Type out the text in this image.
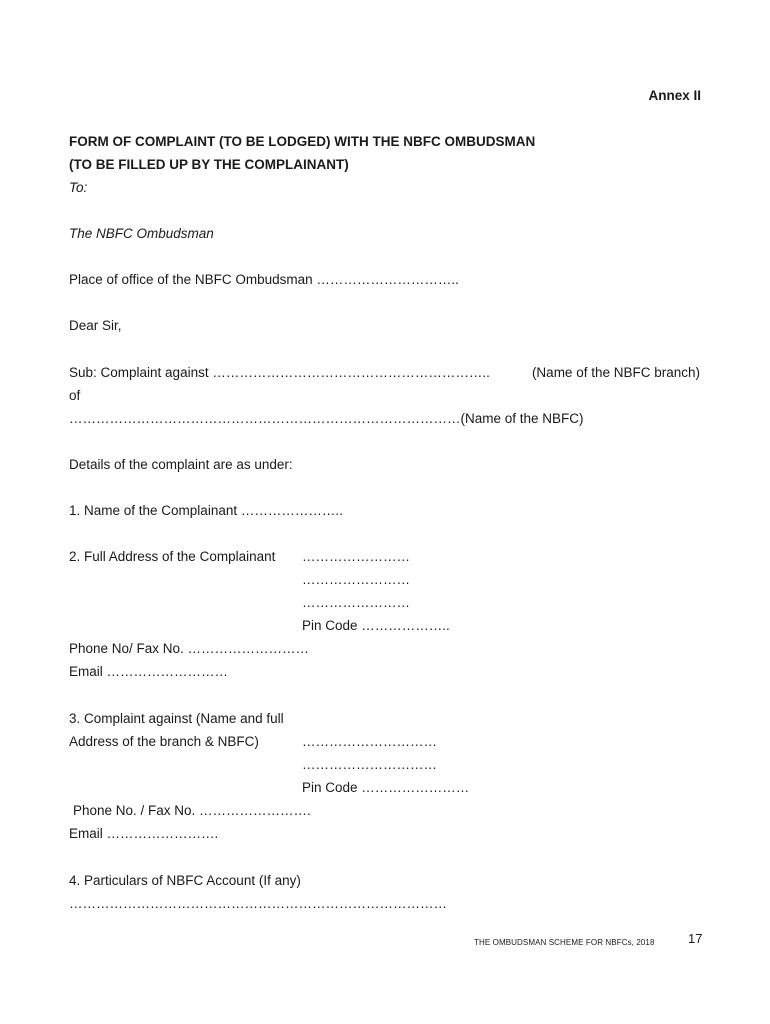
Annex II
FORM OF COMPLAINT (TO BE LODGED) WITH THE NBFC OMBUDSMAN
(TO BE FILLED UP BY THE COMPLAINANT)
To:
The NBFC Ombudsman
Place of office of the NBFC Ombudsman …………………………..
Dear Sir,
Sub: Complaint against ……………………………………………………..	(Name of the NBFC branch)
of
……………………………………………………………………………(Name of the NBFC)
Details of the complaint are as under:
1. Name of the Complainant …………………..
2. Full Address of the Complainant ……………………
……………………
……………………
Pin Code ………………..
Phone No/ Fax No. ………………………
Email ………………………
3. Complaint against (Name and full
Address of the branch & NBFC)	…………………………
…………………………
Pin Code ……………………
Phone No. / Fax No. …………………….
Email …………………….
4. Particulars of NBFC Account (If any)
…………………………………………………………………………
THE OMBUDSMAN SCHEME FOR NBFCs, 2018	17
